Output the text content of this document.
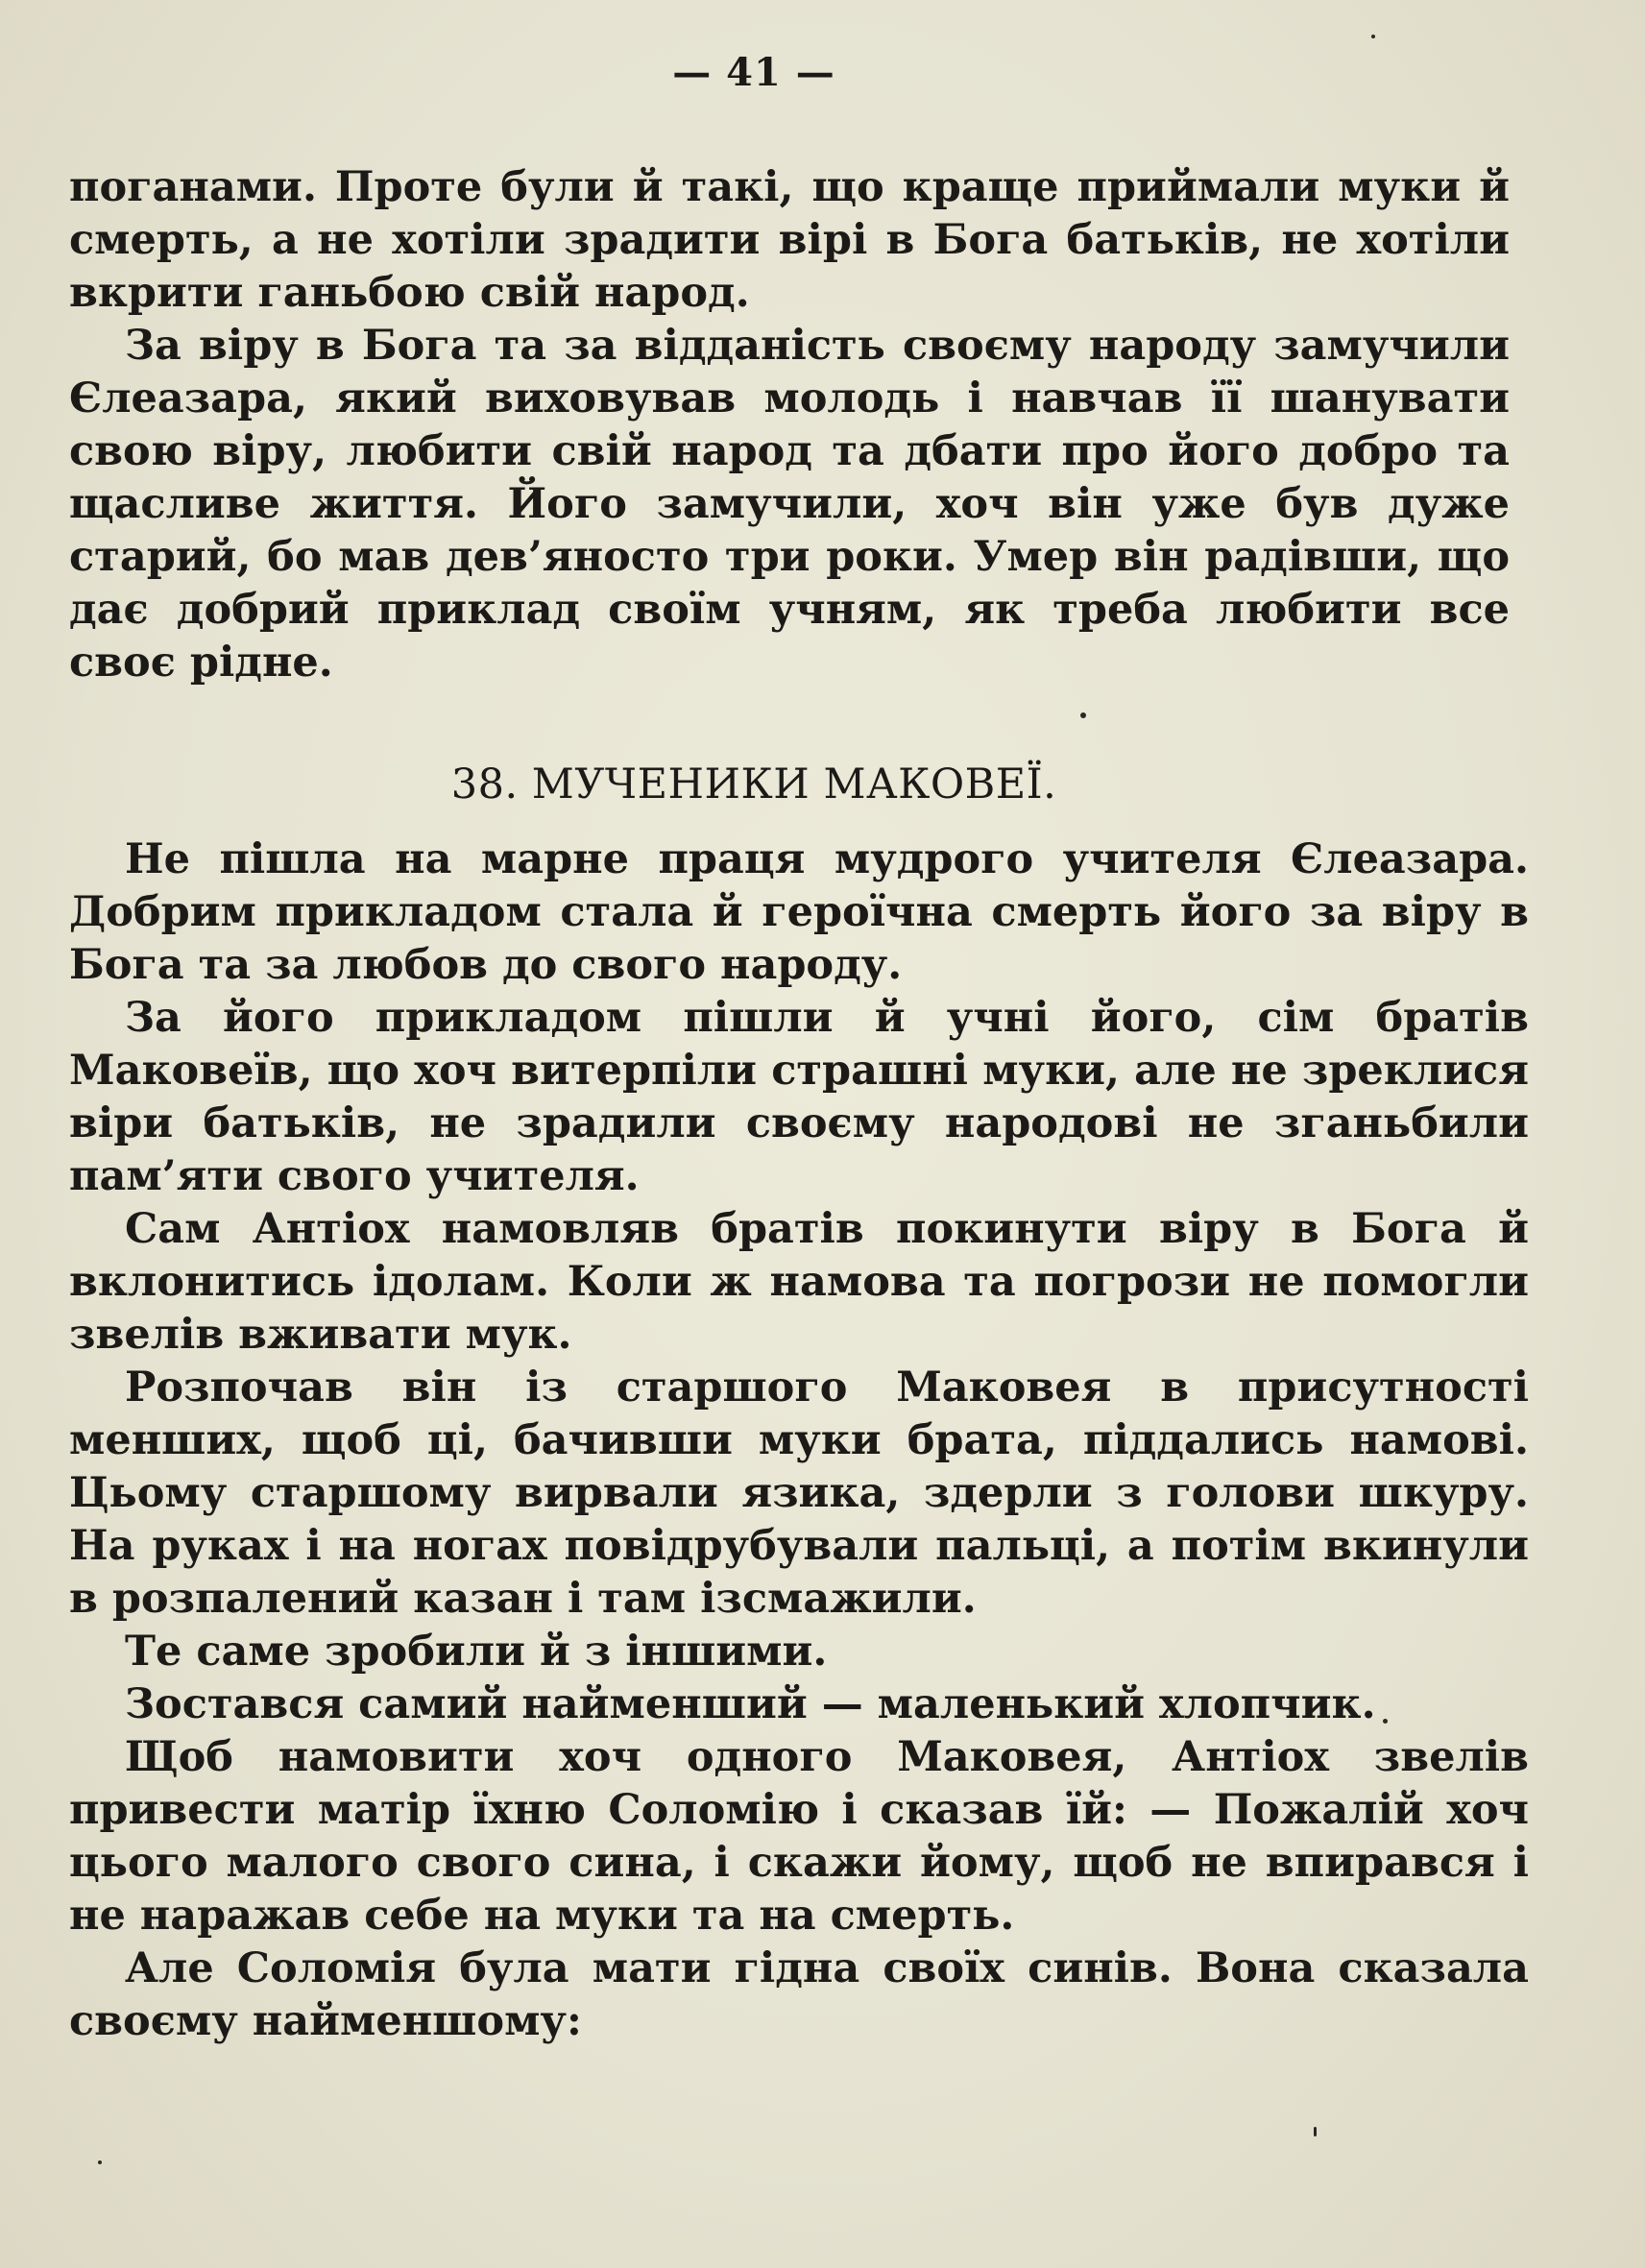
— 41 —

поганами. Проте були й такі, що краще приймали муки й смерть, а не хотіли зрадити вірі в Бога батьків, не хотіли вкрити ганьбою свій народ.

За віру в Бога та за відданість своєму народу замучили Єлеазара, який виховував молодь і навчав її шанувати свою віру, любити свій народ та дбати про його добро та щасливе життя. Його замучили, хоч він уже був дуже старий, бо мав дев’яносто три роки. Умер він радівши, що дає добрий приклад своїм учням, як треба любити все своє рідне.

38. МУЧЕНИКИ МАКОВЕЇ.

Не пішла на марне праця мудрого учителя Єлеазара. Добрим прикладом стала й героїчна смерть його за віру в Бога та за любов до свого народу.

За його прикладом пішли й учні його, сім братів Маковеїв, що хоч витерпіли страшні муки, але не зреклися віри батьків, не зрадили своєму народові не зганьбили пам’яти свого учителя.

Сам Антіох намовляв братів покинути віру в Бога й вклонитись ідолам. Коли ж намова та погрози не помогли звелів вживати мук.

Розпочав він із старшого Маковея в присутності менших, щоб ці, бачивши муки брата, піддались намові. Цьому старшому вирвали язика, здерли з голови шкуру. На руках і на ногах повідрубували пальці, а потім вкинули в розпалений казан і там ізсмажили.

Те саме зробили й з іншими.

Зостався самий найменший — маленький хлопчик.

Щоб намовити хоч одного Маковея, Антіох звелів привести матір їхню Соломію і сказав їй: — Пожалій хоч цього малого свого сина, і скажи йому, щоб не впирався і не наражав себе на муки та на смерть.

Але Соломія була мати гідна своїх синів. Вона сказала своєму найменшому:
